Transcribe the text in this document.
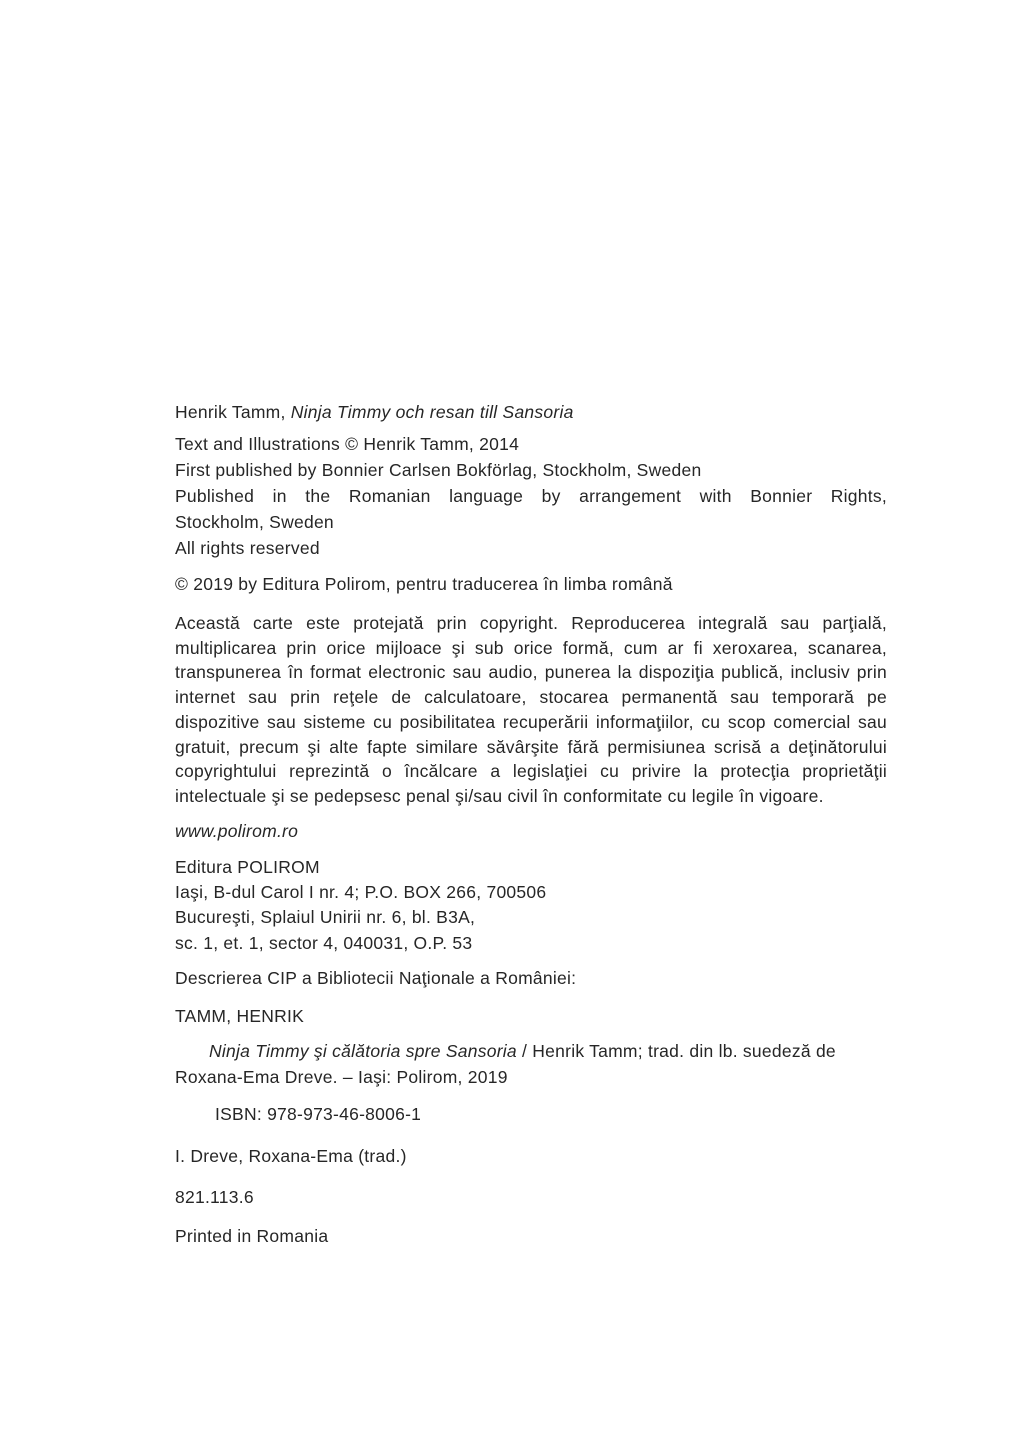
Henrik Tamm, Ninja Timmy och resan till Sansoria

Text and Illustrations © Henrik Tamm, 2014

First published by Bonnier Carlsen Bokförlag, Stockholm, Sweden

Published in the Romanian language by arrangement with Bonnier Rights,
Stockholm, Sweden

All rights reserved

© 2019 by Editura Polirom, pentru traducerea în limba română

Această carte este protejată prin copyright. Reproducerea integrală sau parţială, multiplicarea prin orice mijloace şi sub orice formă, cum ar fi xeroxarea, scanarea, transpunerea în format electronic sau audio, punerea la dispoziţia publică, inclusiv prin internet sau prin reţele de calculatoare, stocarea permanentă sau temporară pe dispozitive sau sisteme cu posibilitatea recuperării informaţiilor, cu scop comercial sau gratuit, precum şi alte fapte similare săvârşite fără permisiunea scrisă a deţinătorului copyrightului reprezintă o încălcare a legislaţiei cu privire la protecţia proprietăţii intelectuale şi se pedepsesc penal şi/sau civil în conformitate cu legile în vigoare.

www.polirom.ro

Editura POLIROM

Iaşi, B-dul Carol I nr. 4; P.O. BOX 266, 700506

Bucureşti, Splaiul Unirii nr. 6, bl. B3A,

sc. 1, et. 1, sector 4, 040031, O.P. 53

Descrierea CIP a Bibliotecii Naţionale a României:

TAMM, HENRIK

Ninja Timmy şi călătoria spre Sansoria / Henrik Tamm; trad. din lb. suedeză de Roxana-Ema Dreve. – Iaşi: Polirom, 2019

ISBN: 978-973-46-8006-1

I. Dreve, Roxana-Ema (trad.)

821.113.6

Printed in Romania
